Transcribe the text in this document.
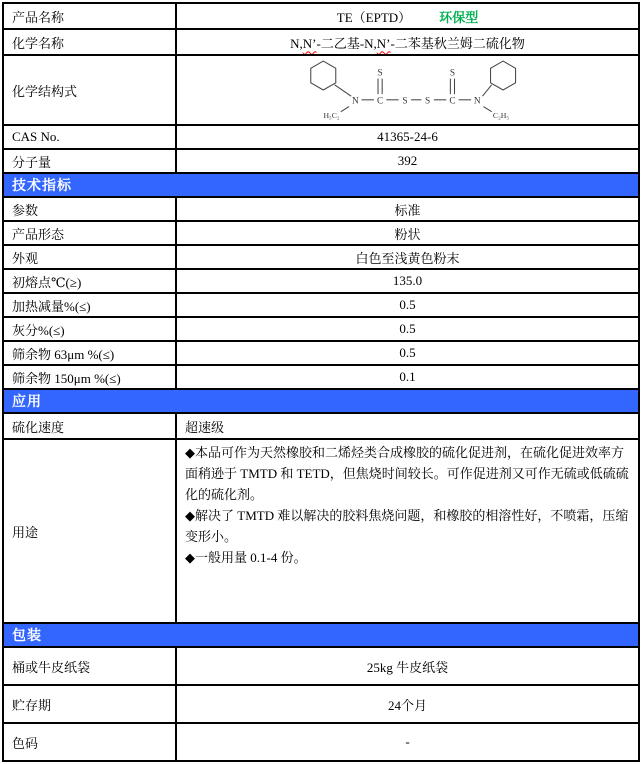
产品名称	TE（EPTD） 环保型
化学名称	N,N’-二乙基-N,N’-二苯基秋兰姆二硫化物
化学结构式	
S	S
N C S S C N
H₅C₂	C₂H₅

CAS No.	41365-24-6
分子量	392
技术指标	
参数	标准
产品形态	粉状
外观	白色至浅黄色粉末
初熔点℃(≥)	135.0
加热减量%(≤)	0.5
灰分%(≤)	0.5
筛余物 63μm %(≤)	0.5
筛余物 150μm %(≤)	0.1
应用	
硫化速度	超速级
用途	◆本品可作为天然橡胶和二烯烃类合成橡胶的硫化促进剂，在硫化促进效率方面稍逊于 TMTD 和 TETD，但焦烧时间较长。可作促进剂又可作无硫或低硫硫化的硫化剂。
◆解决了 TMTD 难以解决的胶料焦烧问题，和橡胶的相溶性好，不喷霜，压缩变形小。
◆一般用量 0.1-4 份。

包装	
桶或牛皮纸袋	25kg 牛皮纸袋
贮存期	24个月
色码	-
